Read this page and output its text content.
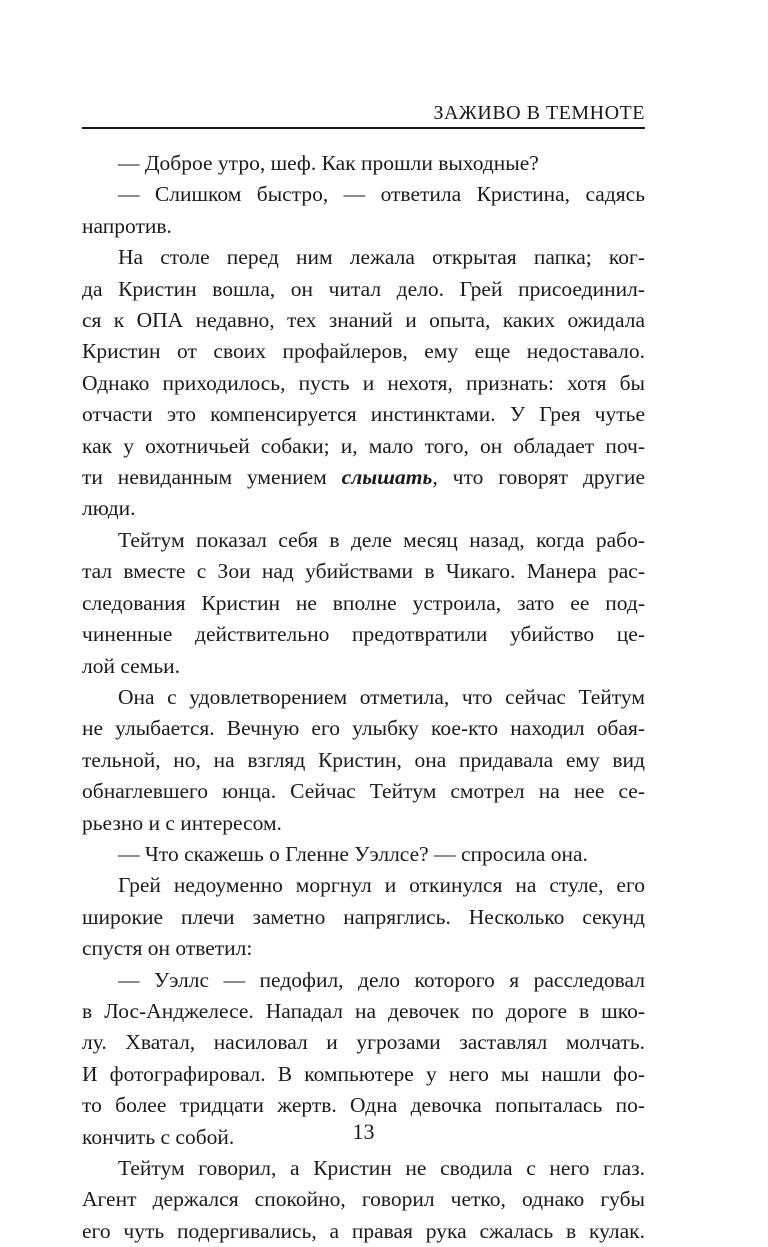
ЗАЖИВО В ТЕМНОТЕ
— Доброе утро, шеф. Как прошли выходные?
— Слишком быстро, — ответила Кристина, садясь
напротив.
На столе перед ним лежала открытая папка; ког-
да Кристин вошла, он читал дело. Грей присоединил-
ся к ОПА недавно, тех знаний и опыта, каких ожидала
Кристин от своих профайлеров, ему еще недоставало.
Однако приходилось, пусть и нехотя, признать: хотя бы
отчасти это компенсируется инстинктами. У Грея чутье
как у охотничьей собаки; и, мало того, он обладает поч-
ти невиданным умением слышать, что говорят другие
люди.
Тейтум показал себя в деле месяц назад, когда рабо-
тал вместе с Зои над убийствами в Чикаго. Манера рас-
следования Кристин не вполне устроила, зато ее под-
чиненные действительно предотвратили убийство це-
лой семьи.
Она с удовлетворением отметила, что сейчас Тейтум
не улыбается. Вечную его улыбку кое-кто находил обая-
тельной, но, на взгляд Кристин, она придавала ему вид
обнаглевшего юнца. Сейчас Тейтум смотрел на нее се-
рьезно и с интересом.
— Что скажешь о Гленне Уэллсе? — спросила она.
Грей недоуменно моргнул и откинулся на стуле, его
широкие плечи заметно напряглись. Несколько секунд
спустя он ответил:
— Уэллс — педофил, дело которого я расследовал
в Лос-Анджелесе. Нападал на девочек по дороге в шко-
лу. Хватал, насиловал и угрозами заставлял молчать.
И фотографировал. В компьютере у него мы нашли фо-
то более тридцати жертв. Одна девочка попыталась по-
кончить с собой.
Тейтум говорил, а Кристин не сводила с него глаз.
Агент держался спокойно, говорил четко, однако губы
его чуть подергивались, а правая рука сжалась в кулак.
13
